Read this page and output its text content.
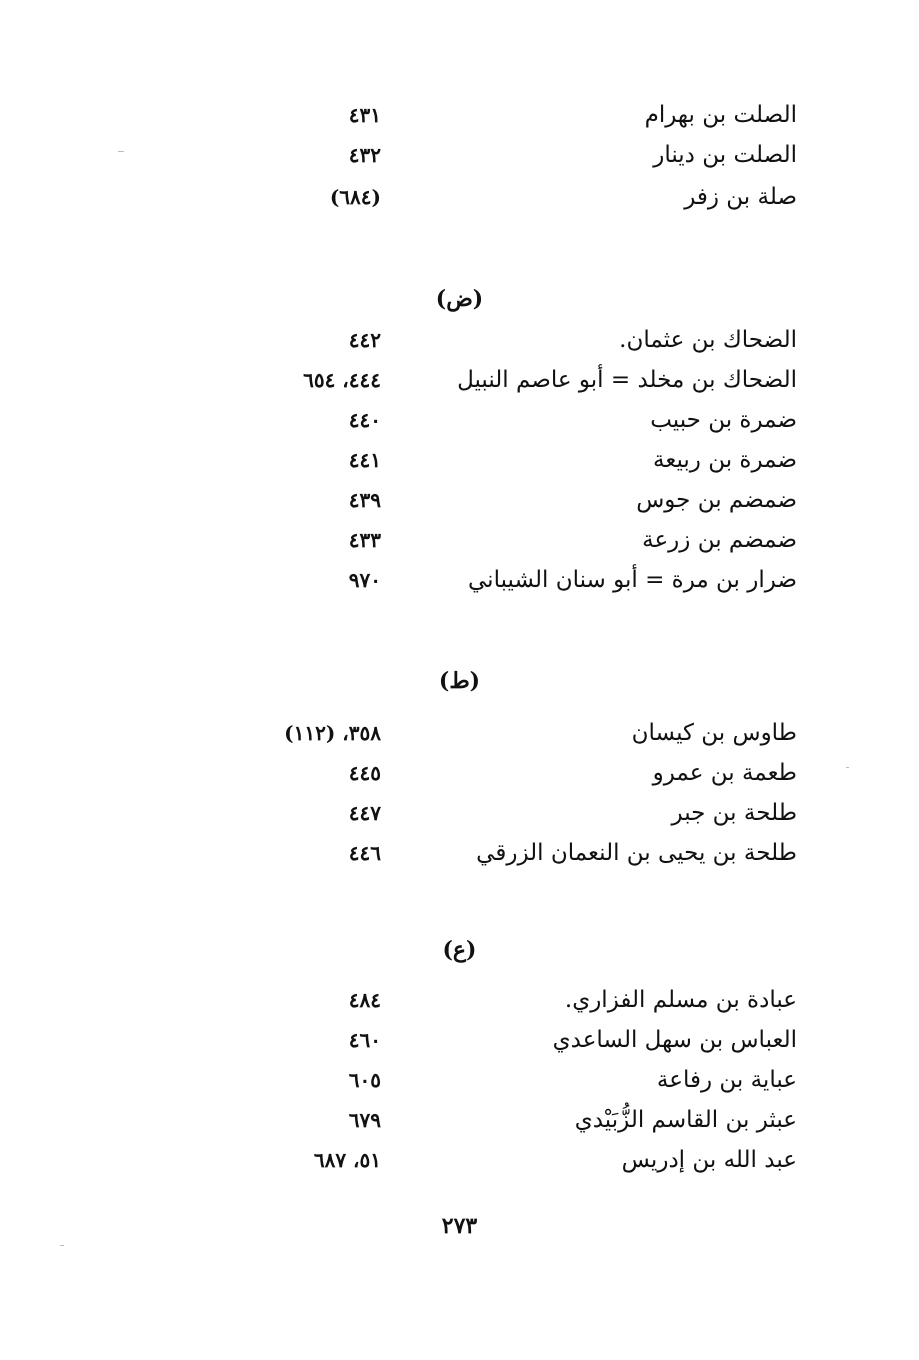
الصلت بن بهرام
٤٣١
الصلت بن دينار
٤٣٢
صلة بن زفر
(٦٨٤)
(ض)
الضحاك بن عثمان.
٤٤٢
الضحاك بن مخلد = أبو عاصم النبيل
٤٤٤، ٦٥٤
ضمرة بن حبيب
٤٤٠
ضمرة بن ربيعة
٤٤١
ضمضم بن جوس
٤٣٩
ضمضم بن زرعة
٤٣٣
ضرار بن مرة = أبو سنان الشيباني
٩٧٠
(ط)
طاوس بن كيسان
٣٥٨، (١١٢)
طعمة بن عمرو
٤٤٥
طلحة بن جبر
٤٤٧
طلحة بن يحيى بن النعمان الزرقي
٤٤٦
(ع)
عبادة بن مسلم الفزاري.
٤٨٤
العباس بن سهل الساعدي
٤٦٠
عباية بن رفاعة
٦٠٥
عبثر بن القاسم الزُّبَيْدي
٦٧٩
عبد الله بن إدريس
٥١، ٦٨٧
٢٧٣
